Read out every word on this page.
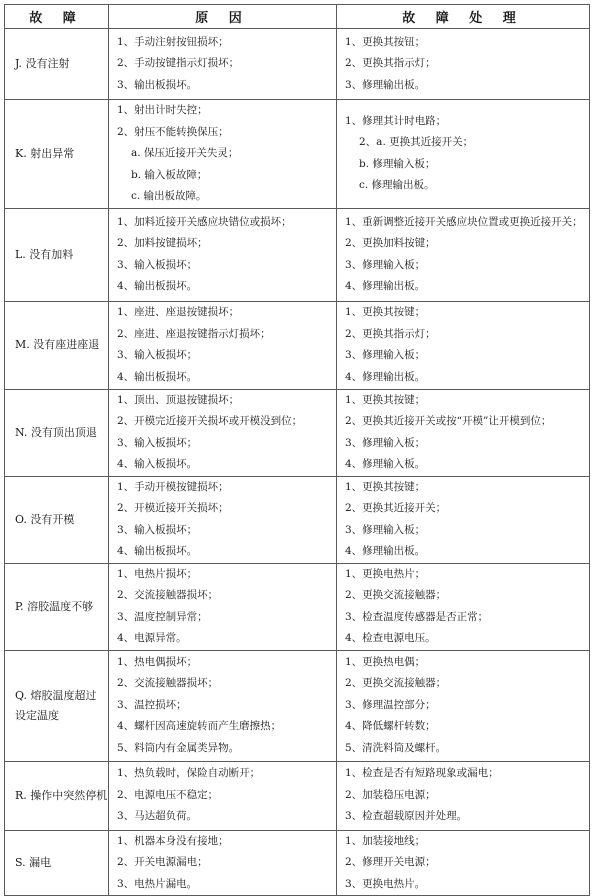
故 障	原 因	故 障 处 理

J. 没有注射	1、手动注射按钮损坏；
2、手动按键指示灯损坏；
3、输出板损坏。	1、更换其按钮；
2、更换其指示灯；
3、修理输出板。

K. 射出异常	1、射出计时失控；
2、射压不能转换保压；
a. 保压近接开关失灵；
b. 输入板故障；
c. 输出板故障。	1、修理其计时电路；
2、a. 更换其近接开关；
b. 修理输入板；
c. 修理输出板。

L. 没有加料	1、加料近接开关感应块错位或损坏；
2、加料按键损坏；
3、输入板损坏；
4、输出板损坏。	1、重新调整近接开关感应块位置或更换近接开关；
2、更换加料按键；
3、修理输入板；
4、修理输出板。

M. 没有座进座退	1、座进、座退按键损坏；
2、座进、座退按键指示灯损坏；
3、输入板损坏；
4、输出板损坏。	1、更换其按键；
2、更换其指示灯；
3、修理输入板；
4、修理输出板。

N. 没有顶出顶退	1、顶出、顶退按键损坏；
2、开模完近接开关损坏或开模没到位；
3、输入板损坏；
4、输入板损坏。	1、更换其按键；
2、更换其近接开关或按“开模”让开模到位；
3、修理输入板；
4、修理输入板。

O. 没有开模	1、手动开模按键损坏；
2、开模近接开关损坏；
3、输入板损坏；
4、输出板损坏。	1、更换其按键；
2、更换其近接开关；
3、修理输入板；
4、修理输出板。

P. 溶胶温度不够	1、电热片损坏；
2、交流接触器损坏；
3、温度控制异常；
4、电源异常。	1、更换电热片；
2、更换交流接触器；
3、检查温度传感器是否正常；
4、检查电源电压。

Q. 熔胶温度超过
设定温度	1、热电偶损坏；
2、交流接触器损坏；
3、温控损坏；
4、螺杆因高速旋转而产生磨擦热；
5、料筒内有金属类异物。	1、更换热电偶；
2、更换交流接触器；
3、修理温控部分；
4、降低螺杆转数；
5、清洗料筒及螺杆。

R. 操作中突然停机	1、热负载时，保险自动断开；
2、电源电压不稳定；
3、马达超负荷。	1、检查是否有短路现象或漏电；
2、加装稳压电源；
3、检查超载原因并处理。

S. 漏电	1、机器本身没有接地；
2、开关电源漏电；
3、电热片漏电。	1、加装接地线；
2、修理开关电源；
3、更换电热片。
